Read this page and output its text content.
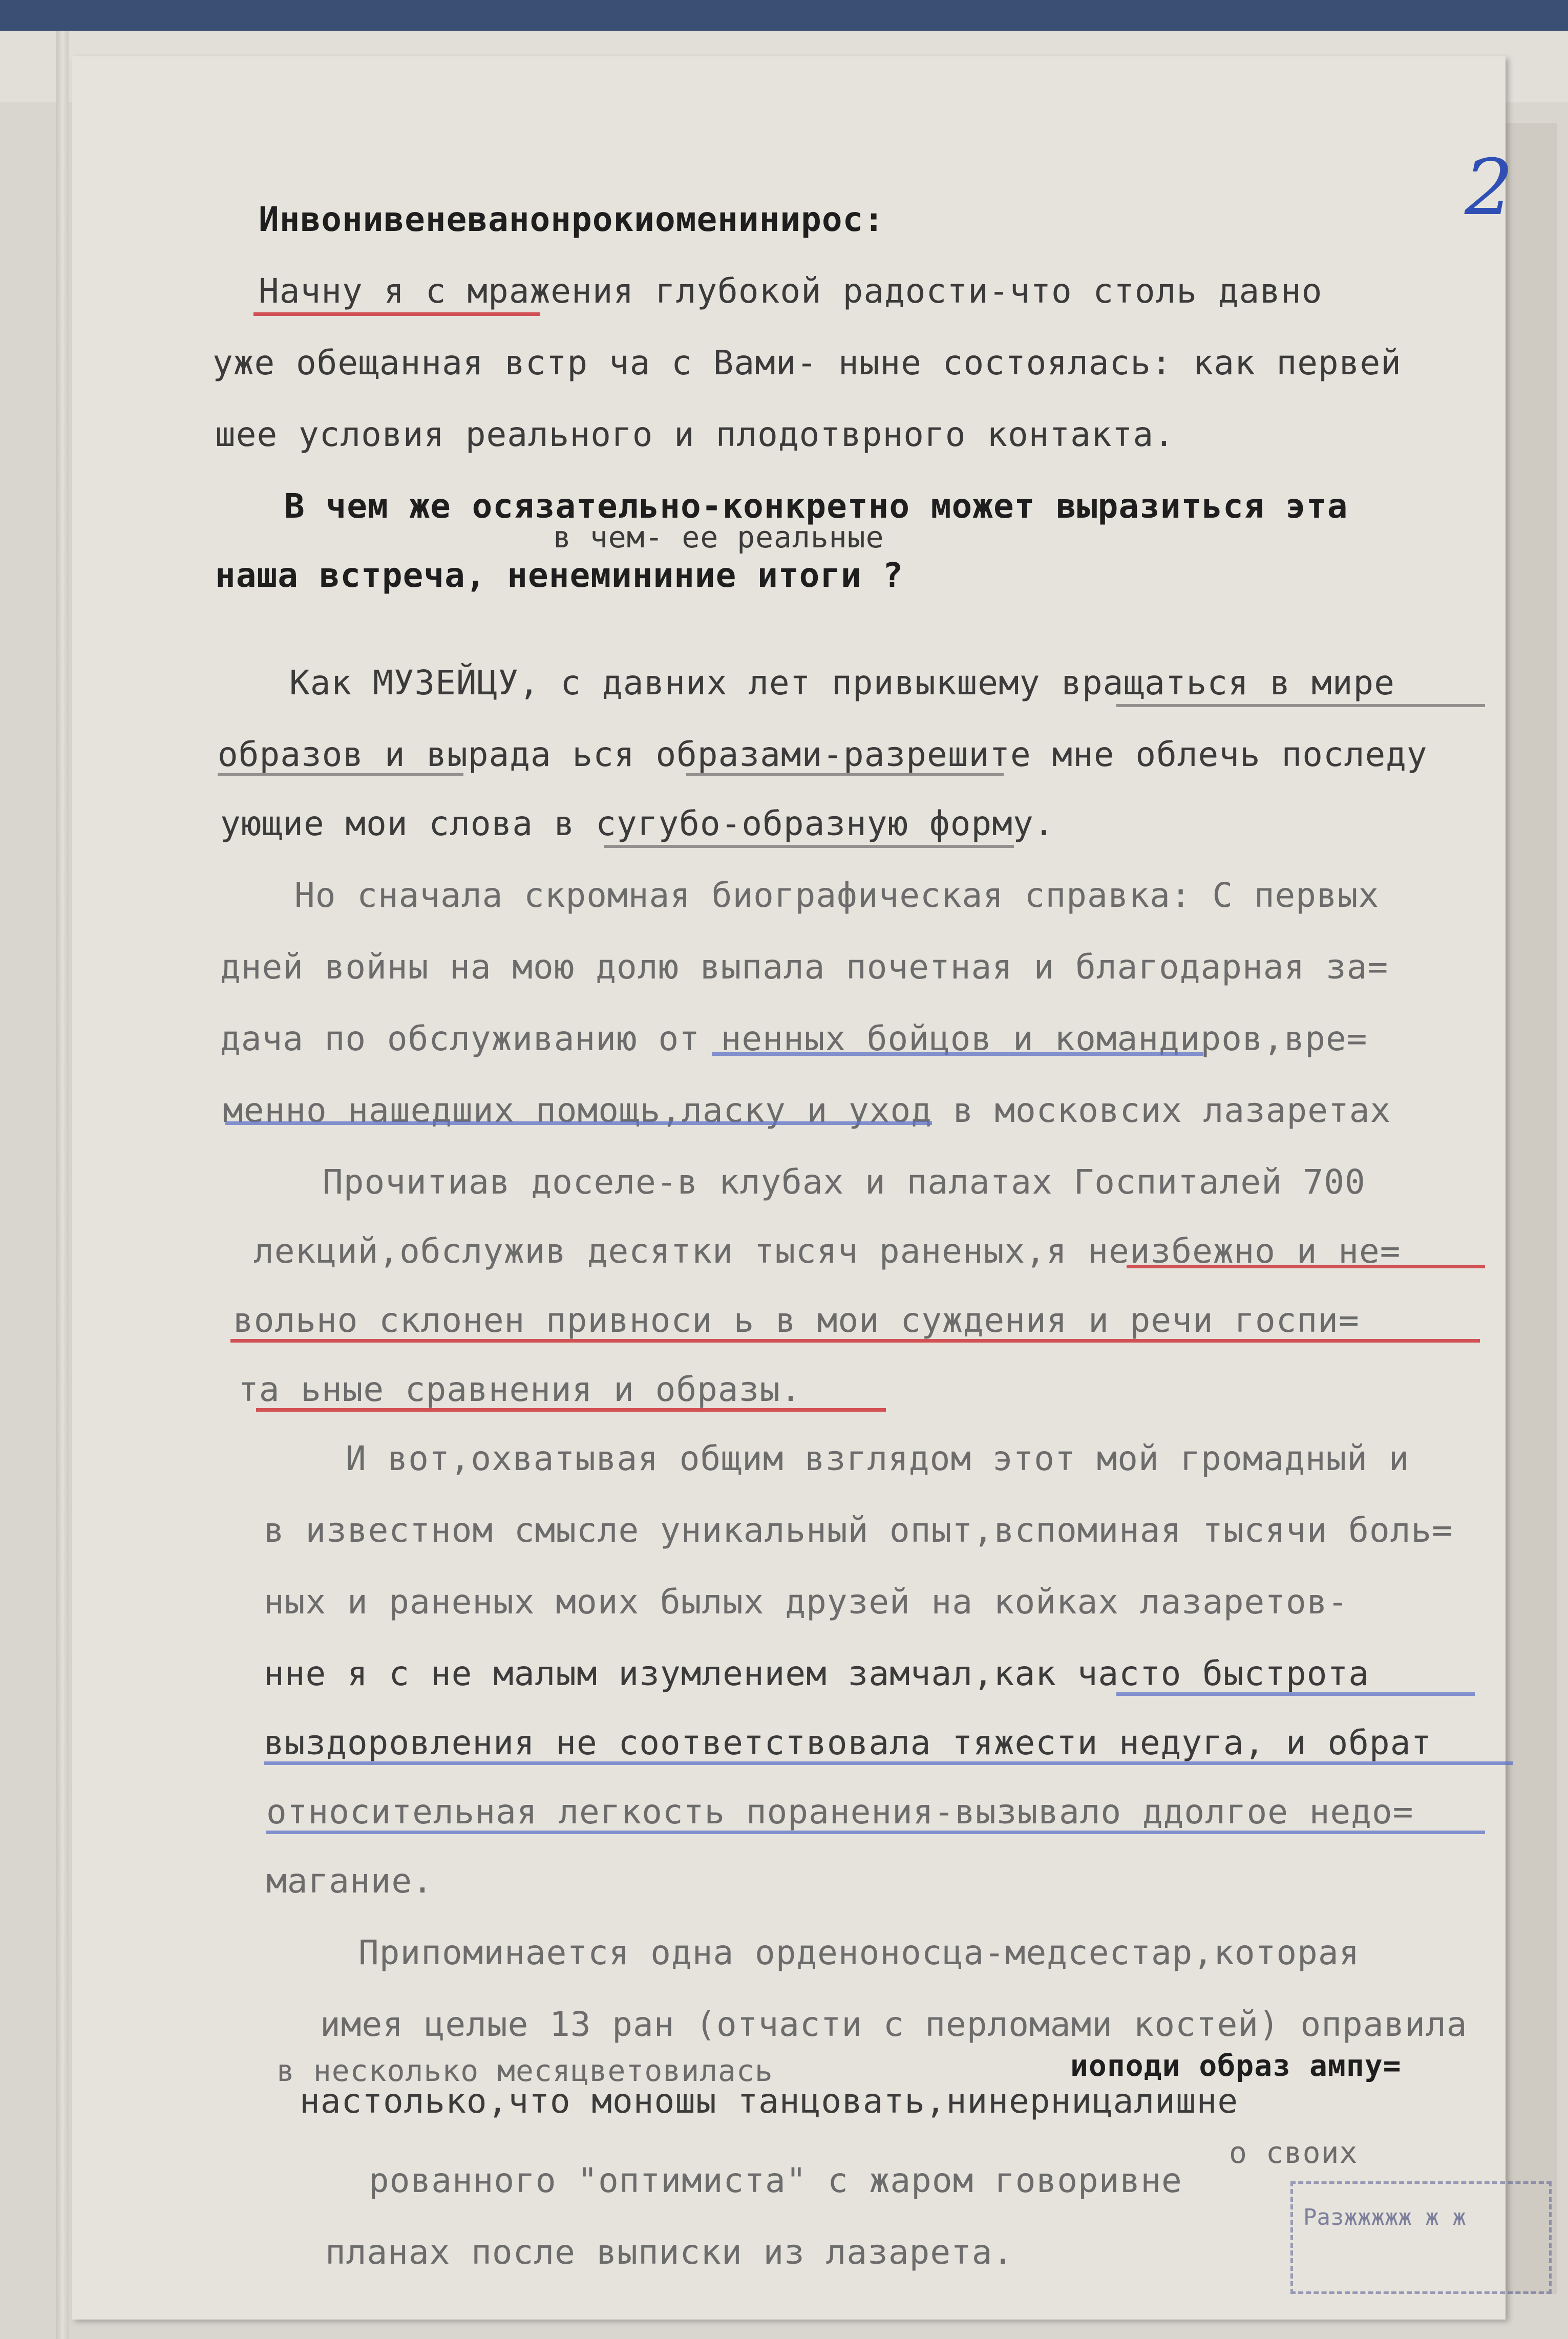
2
Инвонивеневанонрокиоменинирос:
Начну я с мражения глубокой радости-что столь давно
уже обещанная встр ча с Вами- ныне состоялась: как первей
шее условия реального и плодотврного контакта.
В чем же осязательно-конкретно может выразиться эта
в чем- ее реальные
наша встреча, ненемининие итоги ?
Как МУЗЕЙЦУ, с давних лет привыкшему вращаться в мире
образов и вырада ься образами-разрешите мне облечь последу
ующие мои слова в сугубо-образную форму.
Но сначала скромная биографическая справка: С первых
дней войны на мою долю выпала почетная и благодарная за=
дача по обслуживанию от ненных бойцов и командиров,вре=
менно нашедших помощь,ласку и уход в московсих лазаретах
Прочитиав доселе-в клубах и палатах Госпиталей 700
лекций,обслужив десятки тысяч раненых,я неизбежно и не=
вольно склонен привноси ь в мои суждения и речи госпи=
та ьные сравнения и образы.
И вот,охватывая общим взглядом этот мой громадный и
в известном смысле уникальный опыт,вспоминая тысячи боль=
ных и раненых моих былых друзей на койках лазаретов-
нне я с не малым изумлением замчал,как часто быстрота
выздоровления не соответствовала тяжести недуга, и обрат
относительная легкость поранения-вызывало ддолгое недо=
магание.
Припоминается одна орденоносца-медсестар,которая
имея целые 13 ран (отчасти с перломами костей) оправила
в несколько месяцветовилась	иоподи образ ампу=
настолько,что моношы танцовать,нинерницалишне
рованного "оптимиста" с жаром говоривне
о своих
планах после выписки из лазарета.
Разжжжжж ж ж
